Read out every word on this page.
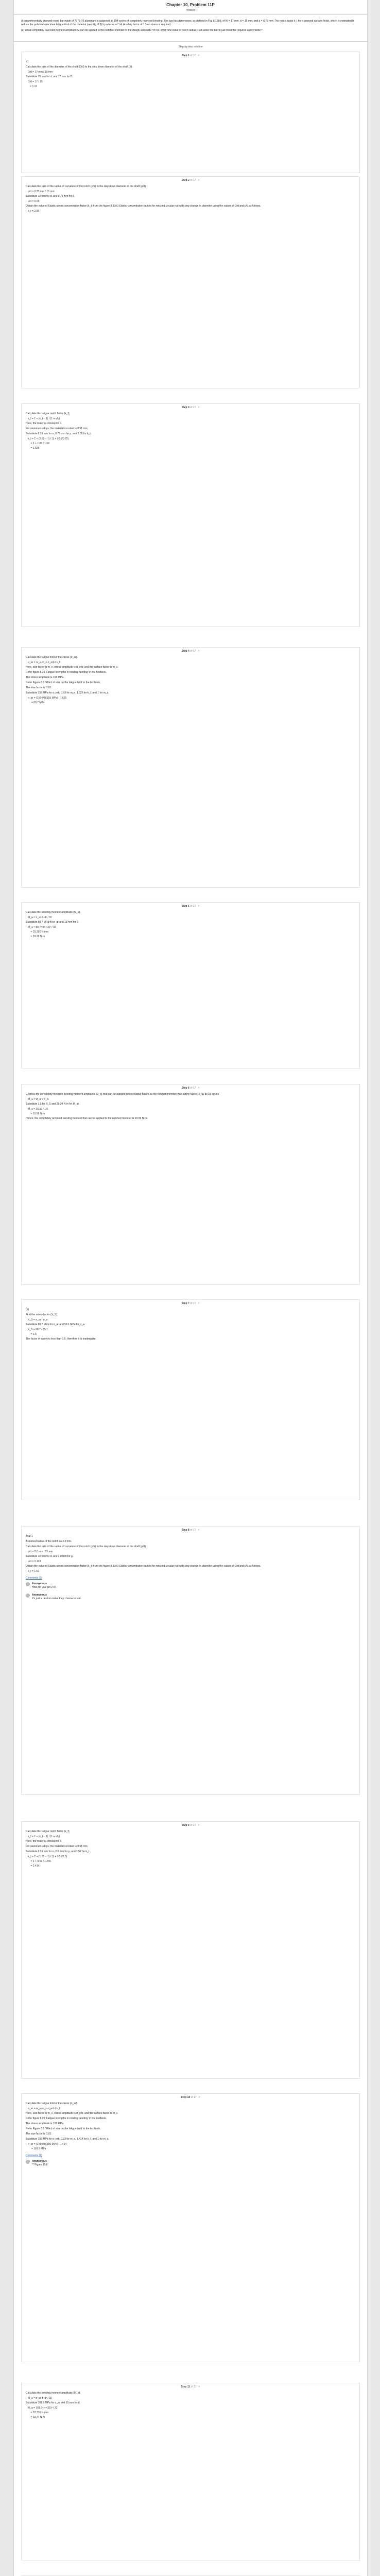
Chapter 10, Problem 11P
Problem

A circumferentially grooved round bar made of 7075-T6 aluminum is subjected to 104 cycles of completely reversed bending. The bar has dimensions, as defined in Fig. 8.12(c), of W = 17 mm, d = 15 mm, and ρ = 0.75 mm. The notch factor k_t for a grooved surface finish, which is estimated to reduce the polished specimen fatigue limit of the material (see Fig. 8.8) by a factor of 1.4. A safety factor of 1.5 on stress is required.

(a) What completely reversed moment amplitude M can be applied to this notched member in the design adequate? If not, what new value of notch radius ρ will allow the bar to just meet the required safety factor?

Step-by-step solution
Step 1 of 17 ˅
#1
Calculate the ratio of the diameter of the shaft (D/d) to the step down diameter of the shaft (d).
D/d = 17 mm / 15 mm
Substitute 15 mm for d, and 17 mm for D.
D/d = 17 / 15
= 1.13
Step 2 of 17 ˅
Calculate the ratio of the radius of curvature of the notch (ρ/d) to the step down diameter of the shaft (ρ/d).
ρ/d = 0.75 mm / 15 mm
Substitute 15 mm for d, and 0.75 mm for ρ.
ρ/d = 0.05
Obtain the value of Elastic stress concentration factor (k_t) from the figure 8.12(c) Elastic concentration factors for notched circular rod with step change in diameter using the values of D/d and ρ/d as follows.
k_t = 2.05
Step 3 of 17 ˅
Calculate the fatigue notch factor (k_f).
k_f = 1 + (k_t − 1) / (1 + α/ρ)
Here, the material constant is α.
For aluminum alloys, the material constant is 0.51 mm
Substitute 0.51 mm for α, 0.75 mm for ρ, and 2.05 for k_t.
k_f = 1 + (2.05 − 1) / (1 + 0.51/0.75)
= 1 + 1.05 / 1.68
= 1.625
Step 4 of 17 ˅
Calculate the fatigue limit of the stress (σ_ar).
σ_ar = m_e·m_s·σ_erb / k_f
Here, size factor is m_e, stress amplitude is σ_erb, and the surface factor is m_s.
Refer figure 8.25 'Fatigue strengths in rotating bending' in the textbook.
The stress amplitude is 155 MPa.
Refer Figure 8.5 'Effect of size on the fatigue limit' in the textbook.
The size factor is 0.93.
Substitute 155 MPa for σ_erb, 0.93 for m_e, 1.625 for k_f, and 1 for m_s.
σ_ar = (1)(0.93)(155 MPa) / 1.625
= 88.7 MPa
Step 5 of 17 ˅
Calculate the bending moment amplitude (M_a).
M_a = σ_ar·π·d³ / 32
Substitute 88.7 MPa for σ_ar and 15 mm for d.
M_a = 88.7×π×(15)³ / 32
= 29,392 N·mm
= 29.39 N·m
Step 6 of 17 ˅
Express the completely reversed bending moment amplitude (M_a) that can be applied before fatigue failure as the notched member with safety factor (X_S) as 15 cycles.
M_a = M_ar / X_S
Substitute 1.5 for X_S and 29.39 N·m for M_ar.
M_a = 29.39 / 1.5
= 19.59 N·m
Hence, the completely reversed bending moment that can be applied to the notched member is 19.59 N·m.
Step 7 of 17 ˅
(b)
Find the safety factor (X_S).
X_S = σ_ar / σ_a
Substitute 88.7 MPa for σ_ar and 59.1 MPa for σ_a.
X_S = 88.7 / 59.1
= 1.5
The factor of safety is less than 1.5; therefore it is inadequate.
Step 8 of 17 ˅
Trial 1
Assumed radius of the notch as 2.0 mm.
Calculate the ratio of the radius of curvature of the notch (ρ/d) to the step down diameter of the shaft (ρ/d).
ρ/d = 2.0 mm / 15 mm
Substitute 15 mm for d, and 2.0 mm for ρ.
ρ/d = 0.133
Obtain the value of Elastic stress concentration factor (k_t) from the figure 8.12(c) Elastic concentration factors for notched circular rod with step change in diameter using the values of D/d and ρ/d as follows.
k_t = 1.52
Comments (2)
Anonymous
How did you get 2.0?
Anonymous
It's just a random value they choose to test.
Step 9 of 17 ˅
Calculate the fatigue notch factor (k_f).
k_f = 1 + (k_t − 1) / (1 + α/ρ)
Here, the material constant is α.
For aluminum alloys, the material constant is 0.51 mm.
Substitute 0.51 mm for α, 2.0 mm for ρ, and 1.52 for k_t.
k_f = 1 + (1.52 − 1) / (1 + 0.51/2.0)
= 1 + 0.52 / 1.255
= 1.414
Step 10 of 17 ˅
Calculate the fatigue limit of the stress (σ_ar).
σ_ar = m_e·m_s·σ_erb / k_f
Here, size factor is m_e, stress amplitude is σ_erb, and the surface factor is m_s.
Refer figure 8.25 'Fatigue strengths in rotating bending' in the textbook.
The stress amplitude is 155 MPa.
Refer Figure 8.5 'Effect of size on the fatigue limit' in the textbook.
The size factor is 0.93.
Substitute 155 MPa for σ_erb, 0.93 for m_e, 1.414 for k_f, and 1 for m_s.
σ_ar = (1)(0.93)(155 MPa) / 1.414
= 101.9 MPa
Comments (1)
Anonymous
** Figure 10.8
Step 11 of 17 ˅
Calculate the bending moment amplitude (M_a).
M_a = σ_ar·π·d³ / 32
Substitute 101.9 MPa for σ_ar and 15 mm for d.
M_a = 101.9×π×(15)³ / 32
= 33,770 N·mm
= 33.77 N·m
